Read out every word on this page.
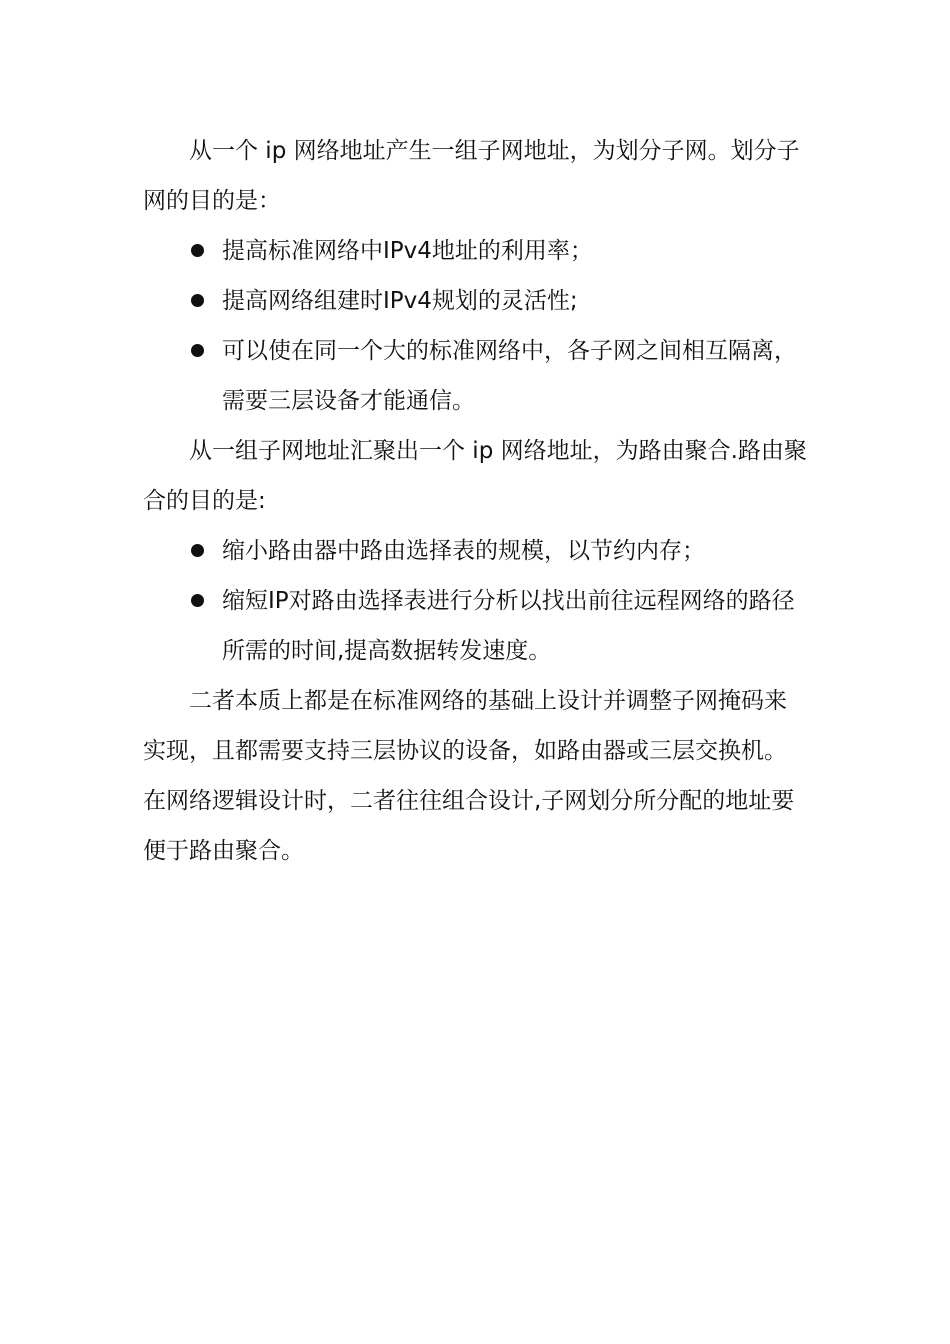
从一个 ip 网络地址产生一组子网地址，为划分子网。划分子网的目的是：

提高标准网络中IPv4地址的利用率；
提高网络组建时IPv4规划的灵活性;
可以使在同一个大的标准网络中，各子网之间相互隔离，需要三层设备才能通信。

从一组子网地址汇聚出一个 ip 网络地址，为路由聚合.路由聚合的目的是:

缩小路由器中路由选择表的规模，以节约内存；
缩短IP对路由选择表进行分析以找出前往远程网络的路径所需的时间,提高数据转发速度。

二者本质上都是在标准网络的基础上设计并调整子网掩码来实现，且都需要支持三层协议的设备，如路由器或三层交换机。在网络逻辑设计时，二者往往组合设计,子网划分所分配的地址要便于路由聚合。
